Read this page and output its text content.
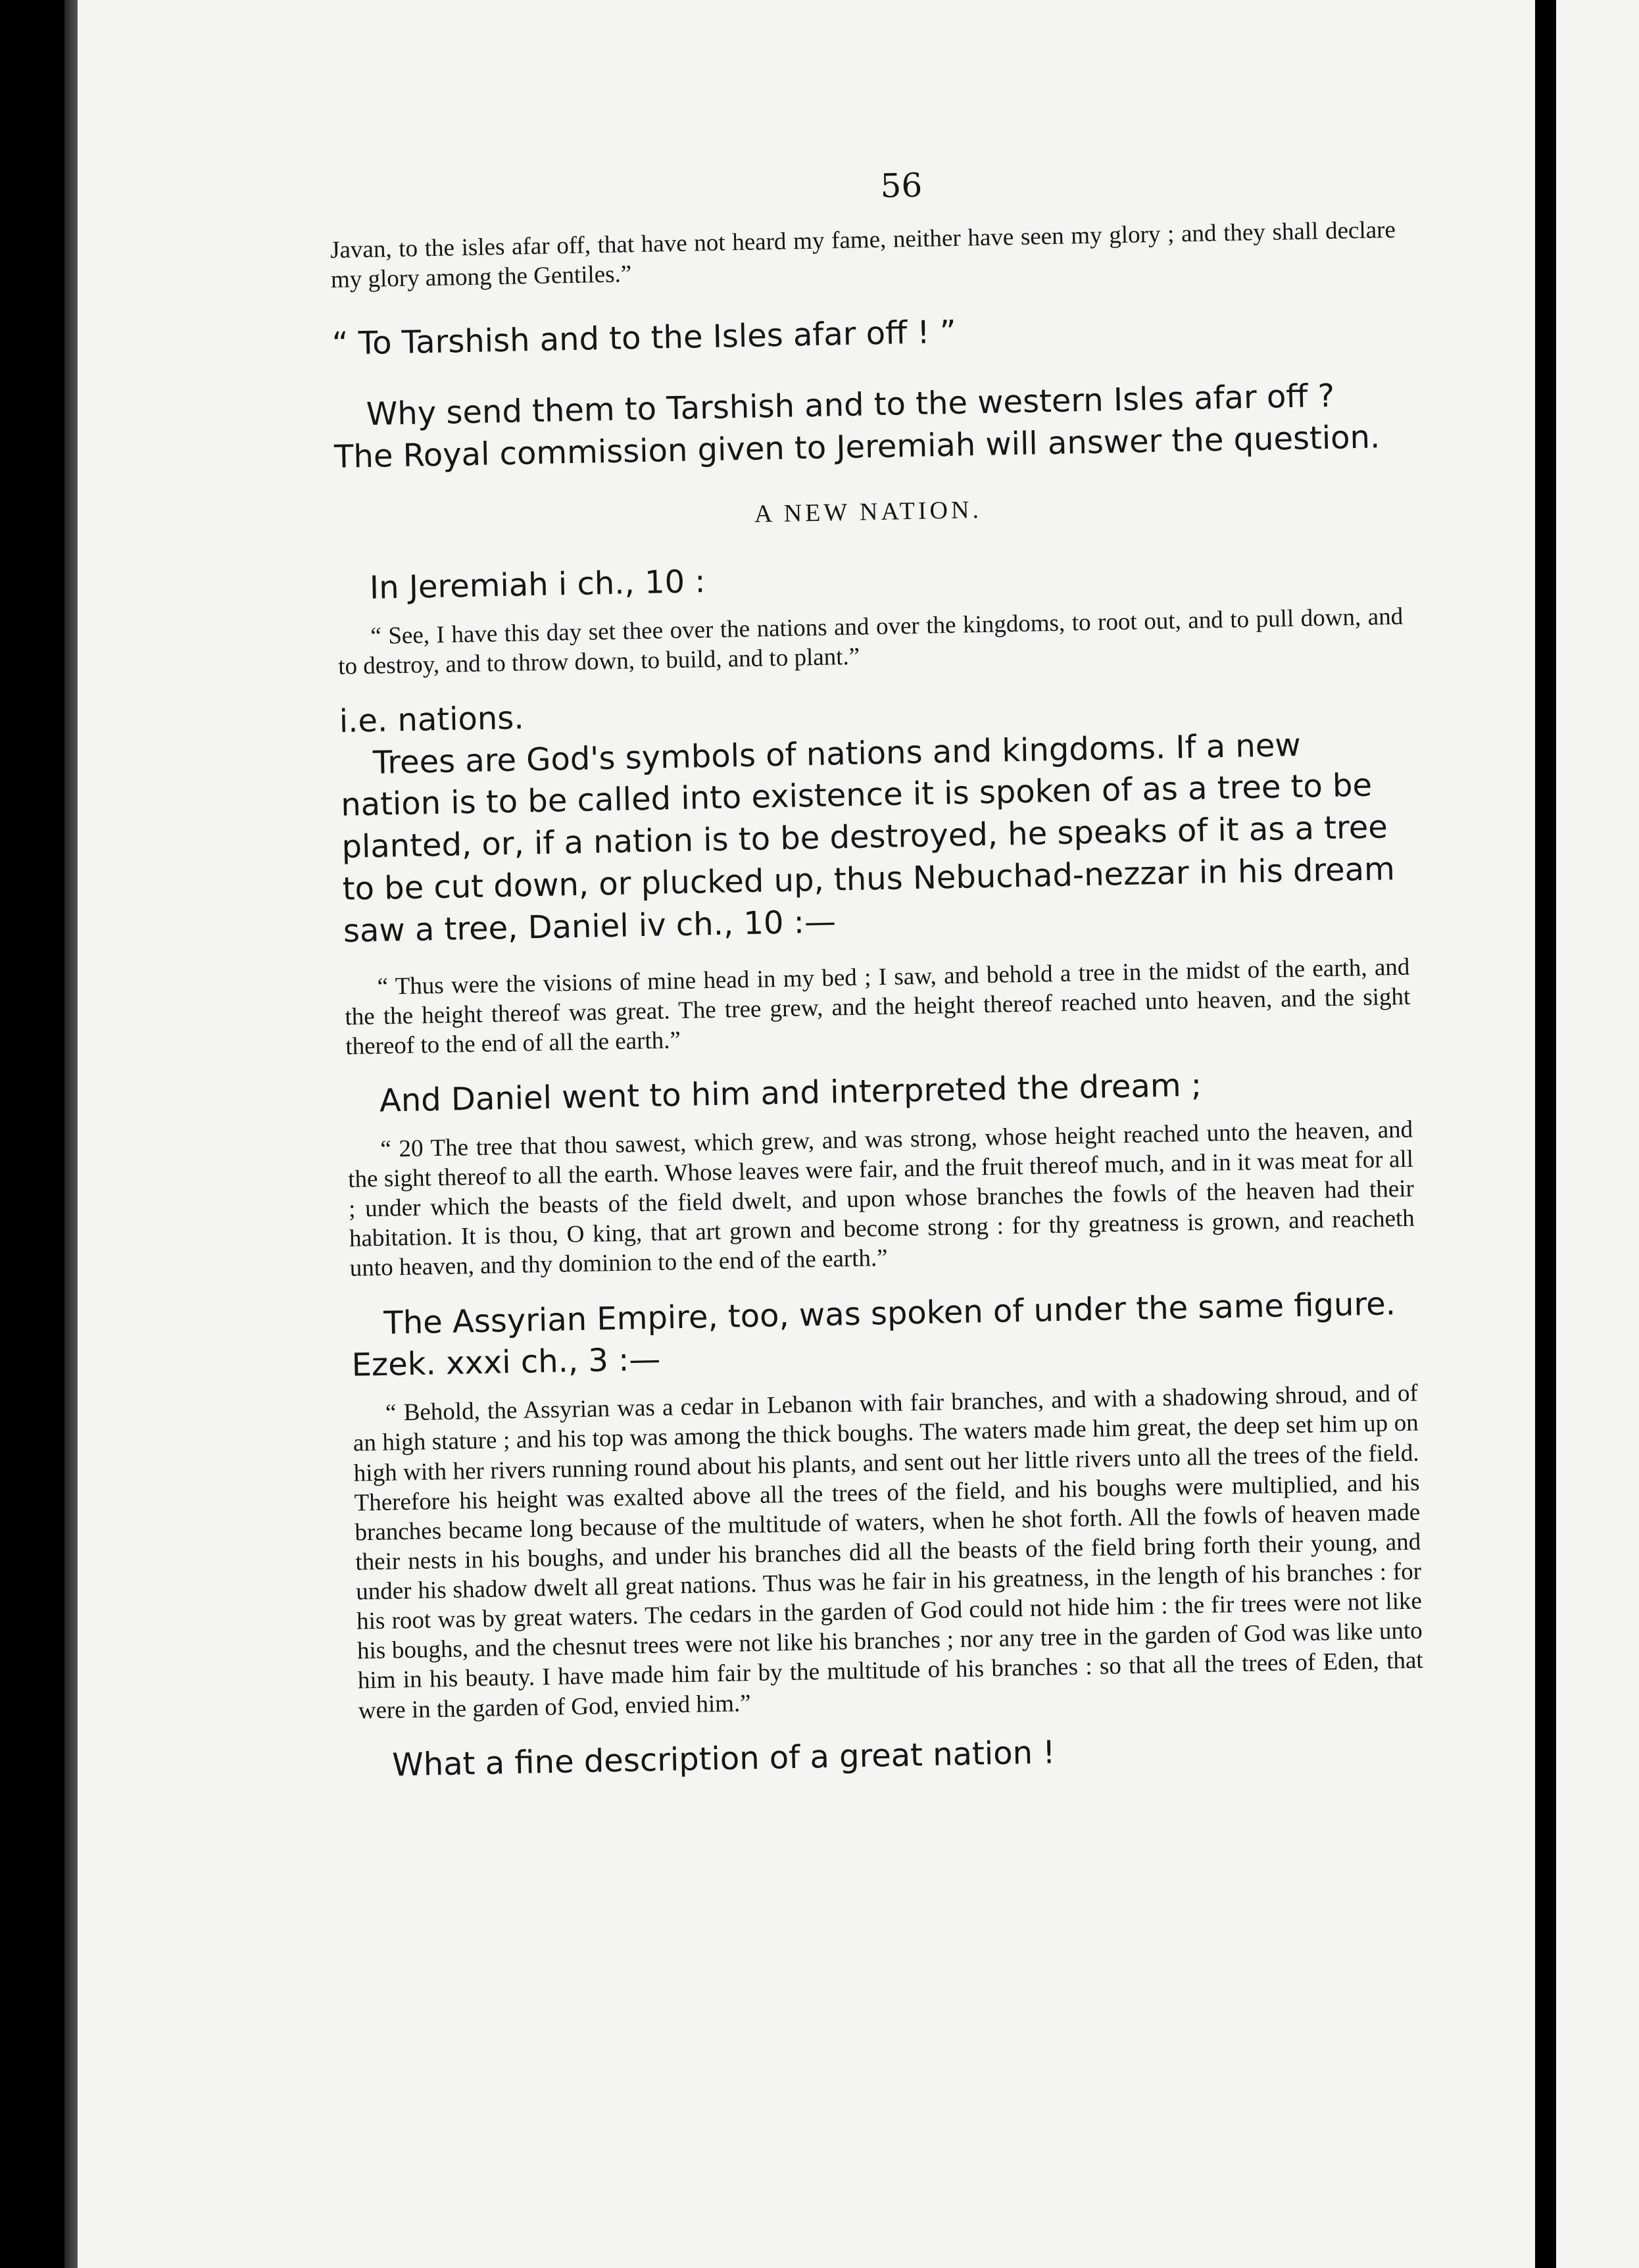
56

Javan, to the isles afar off, that have not heard my fame, neither have seen my glory ; and they shall declare my glory among the Gentiles.”

“ To Tarshish and to the Isles afar off ! ”

Why send them to Tarshish and to the western Isles afar off ? The Royal commission given to Jeremiah will answer the question.

A NEW NATION.

In Jeremiah i ch., 10 :

“ See, I have this day set thee over the nations and over the kingdoms, to root out, and to pull down, and to destroy, and to throw down, to build, and to plant.”

i.e. nations.

Trees are God's symbols of nations and kingdoms. If a new nation is to be called into existence it is spoken of as a tree to be planted, or, if a nation is to be destroyed, he speaks of it as a tree to be cut down, or plucked up, thus Nebuchad-nezzar in his dream saw a tree, Daniel iv ch., 10 :—

“ Thus were the visions of mine head in my bed ; I saw, and behold a tree in the midst of the earth, and the the height thereof was great. The tree grew, and the height thereof reached unto heaven, and the sight thereof to the end of all the earth.”

And Daniel went to him and interpreted the dream ;

“ 20 The tree that thou sawest, which grew, and was strong, whose height reached unto the heaven, and the sight thereof to all the earth. Whose leaves were fair, and the fruit thereof much, and in it was meat for all ; under which the beasts of the field dwelt, and upon whose branches the fowls of the heaven had their habitation. It is thou, O king, that art grown and become strong : for thy greatness is grown, and reacheth unto heaven, and thy dominion to the end of the earth.”

The Assyrian Empire, too, was spoken of under the same figure. Ezek. xxxi ch., 3 :—

“ Behold, the Assyrian was a cedar in Lebanon with fair branches, and with a shadowing shroud, and of an high stature ; and his top was among the thick boughs. The waters made him great, the deep set him up on high with her rivers running round about his plants, and sent out her little rivers unto all the trees of the field. Therefore his height was exalted above all the trees of the field, and his boughs were multiplied, and his branches became long because of the multitude of waters, when he shot forth. All the fowls of heaven made their nests in his boughs, and under his branches did all the beasts of the field bring forth their young, and under his shadow dwelt all great nations. Thus was he fair in his greatness, in the length of his branches : for his root was by great waters. The cedars in the garden of God could not hide him : the fir trees were not like his boughs, and the chesnut trees were not like his branches ; nor any tree in the garden of God was like unto him in his beauty. I have made him fair by the multitude of his branches : so that all the trees of Eden, that were in the garden of God, envied him.”

What a fine description of a great nation !
